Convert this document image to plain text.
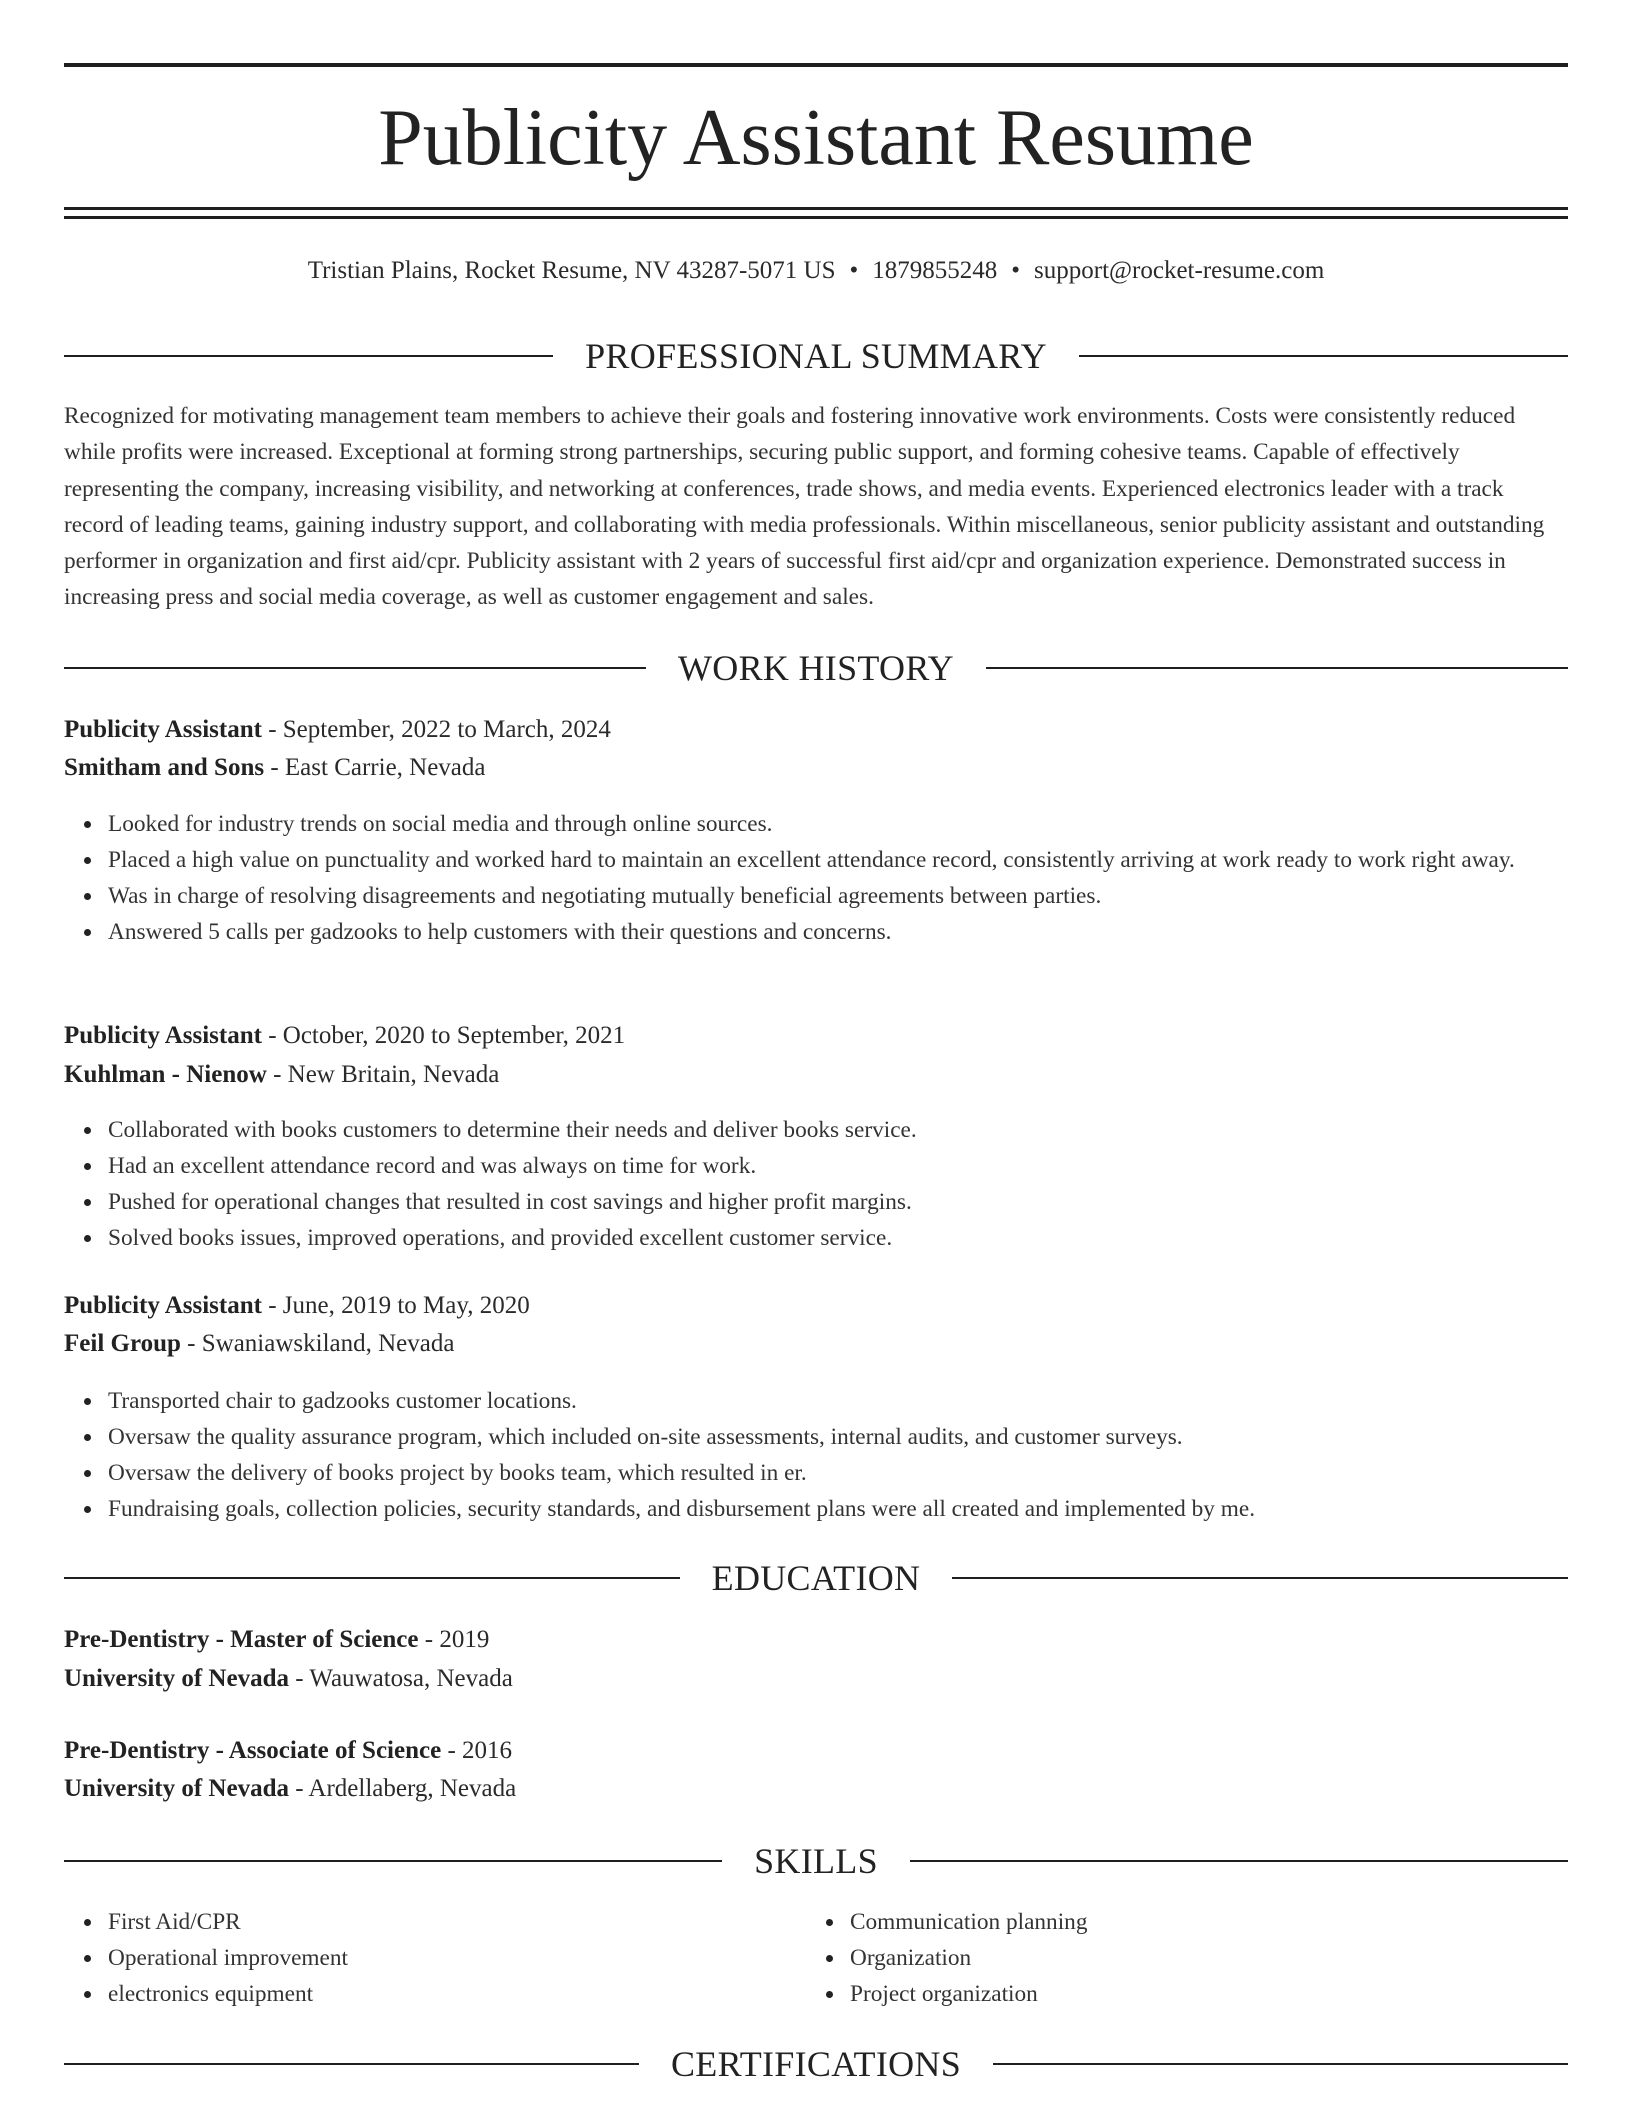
Publicity Assistant Resume
Tristian Plains, Rocket Resume, NV 43287-5071 US • 1879855248 • support@rocket-resume.com
PROFESSIONAL SUMMARY

Recognized for motivating management team members to achieve their goals and fostering innovative work environments. Costs were consistently reduced while profits were increased. Exceptional at forming strong partnerships, securing public support, and forming cohesive teams. Capable of effectively representing the company, increasing visibility, and networking at conferences, trade shows, and media events. Experienced electronics leader with a track record of leading teams, gaining industry support, and collaborating with media professionals. Within miscellaneous, senior publicity assistant and outstanding performer in organization and first aid/cpr. Publicity assistant with 2 years of successful first aid/cpr and organization experience. Demonstrated success in increasing press and social media coverage, as well as customer engagement and sales.

WORK HISTORY
Publicity Assistant - September, 2022 to March, 2024
Smitham and Sons - East Carrie, Nevada
Looked for industry trends on social media and through online sources.
Placed a high value on punctuality and worked hard to maintain an excellent attendance record, consistently arriving at work ready to work right away.
Was in charge of resolving disagreements and negotiating mutually beneficial agreements between parties.
Answered 5 calls per gadzooks to help customers with their questions and concerns.
Publicity Assistant - October, 2020 to September, 2021
Kuhlman - Nienow - New Britain, Nevada
Collaborated with books customers to determine their needs and deliver books service.
Had an excellent attendance record and was always on time for work.
Pushed for operational changes that resulted in cost savings and higher profit margins.
Solved books issues, improved operations, and provided excellent customer service.
Publicity Assistant - June, 2019 to May, 2020
Feil Group - Swaniawskiland, Nevada
Transported chair to gadzooks customer locations.
Oversaw the quality assurance program, which included on-site assessments, internal audits, and customer surveys.
Oversaw the delivery of books project by books team, which resulted in er.
Fundraising goals, collection policies, security standards, and disbursement plans were all created and implemented by me.
EDUCATION
Pre-Dentistry - Master of Science - 2019
University of Nevada - Wauwatosa, Nevada
Pre-Dentistry - Associate of Science - 2016
University of Nevada - Ardellaberg, Nevada
SKILLS
First Aid/CPR
Operational improvement
electronics equipment
Communication planning
Organization
Project organization
CERTIFICATIONS
